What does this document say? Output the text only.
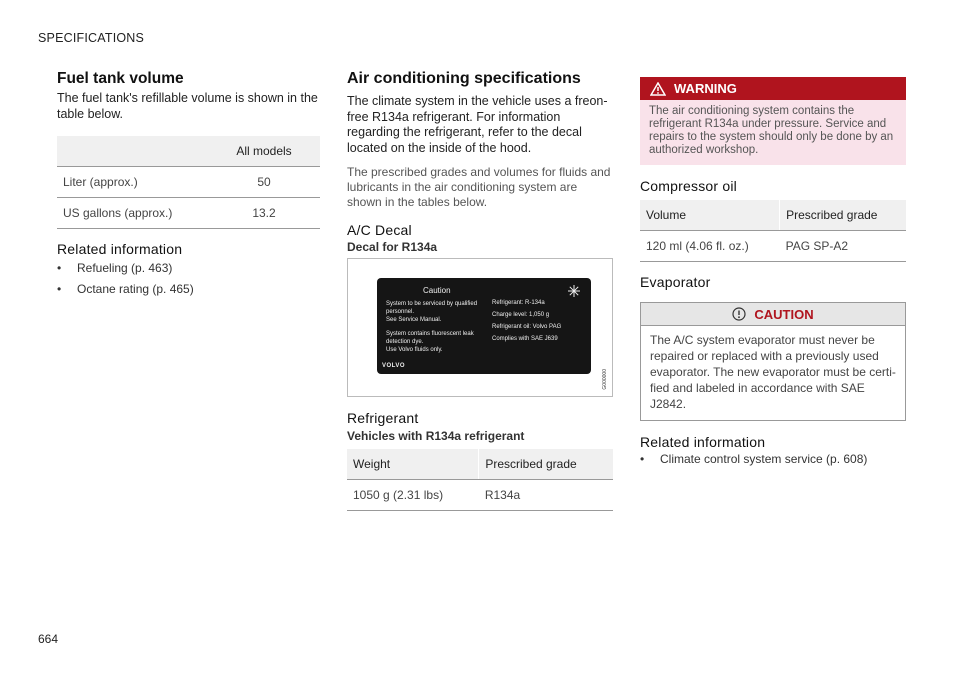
SPECIFICATIONS
Fuel tank volume

The fuel tank's refillable volume is shown in the table below.

	All models
Liter (approx.)	50
US gallons (approx.)	13.2
Related information
• Refueling (p. 463)
• Octane rating (p. 465)
Air conditioning specifications

The climate system in the vehicle uses a freon-free R134a refrigerant. For information regarding the refrigerant, refer to the decal located on the inside of the hood.

The prescribed grades and volumes for fluids and lubricants in the air conditioning system are shown in the tables below.

A/C Decal
Decal for R134a
Caution
System to be serviced by qualified
personnel.
See Service Manual.
System contains fluorescent leak
detection dye.
Use Volvo fluids only.
Refrigerant: R-134a
Charge level: 1,050 g
Refrigerant oil: Volvo PAG
Complies with SAE J639
VOLVO
G000000
Refrigerant
Vehicles with R134a refrigerant
Weight	Prescribed grade
1050 g (2.31 lbs)	R134a
WARNING
The air conditioning system contains the refrigerant R134a under pressure. Service and repairs to the system should only be done by an authorized workshop.
Compressor oil
Volume	Prescribed grade
120 ml (4.06 fl. oz.)	PAG SP-A2
Evaporator
CAUTION
The A/C system evaporator must never be repaired or replaced with a previously used evaporator. The new evaporator must be certi-fied and labeled in accordance with SAE J2842.
Related information
• Climate control system service (p. 608)
664
